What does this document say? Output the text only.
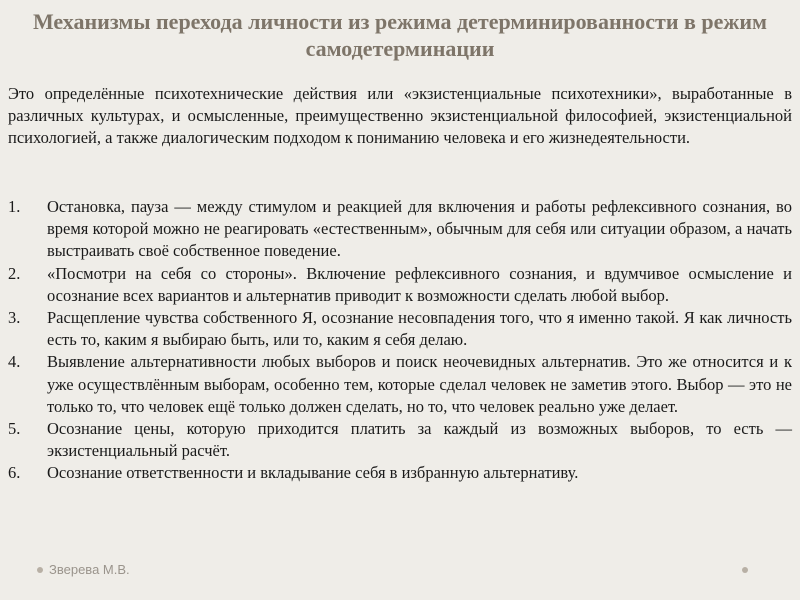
Механизмы перехода личности из режима детерминированности в режим самодетерминации

Это определённые психотехнические действия или «экзистенциальные психотехники», выработанные в различных культурах, и осмысленные, преимущественно экзистенциальной философией, экзистенциальной психологией, а также диалогическим подходом к пониманию человека и его жизнедеятельности.

1. Остановка, пауза — между стимулом и реакцией для включения и работы рефлексивного сознания, во время которой можно не реагировать «естественным», обычным для себя или ситуации образом, а начать выстраивать своё собственное поведение.
2. «Посмотри на себя со стороны». Включение рефлексивного сознания, и вдумчивое осмысление и осознание всех вариантов и альтернатив приводит к возможности сделать любой выбор.
3. Расщепление чувства собственного Я, осознание несовпадения того, что я именно такой. Я как личность есть то, каким я выбираю быть, или то, каким я себя делаю.
4. Выявление альтернативности любых выборов и поиск неочевидных альтернатив. Это же относится и к уже осуществлённым выборам, особенно тем, которые сделал человек не заметив этого. Выбор — это не только то, что человек ещё только должен сделать, но то, что человек реально уже делает.
5. Осознание цены, которую приходится платить за каждый из возможных выборов, то есть — экзистенциальный расчёт.
6. Осознание ответственности и вкладывание себя в избранную альтернативу.
Зверева М.В.
